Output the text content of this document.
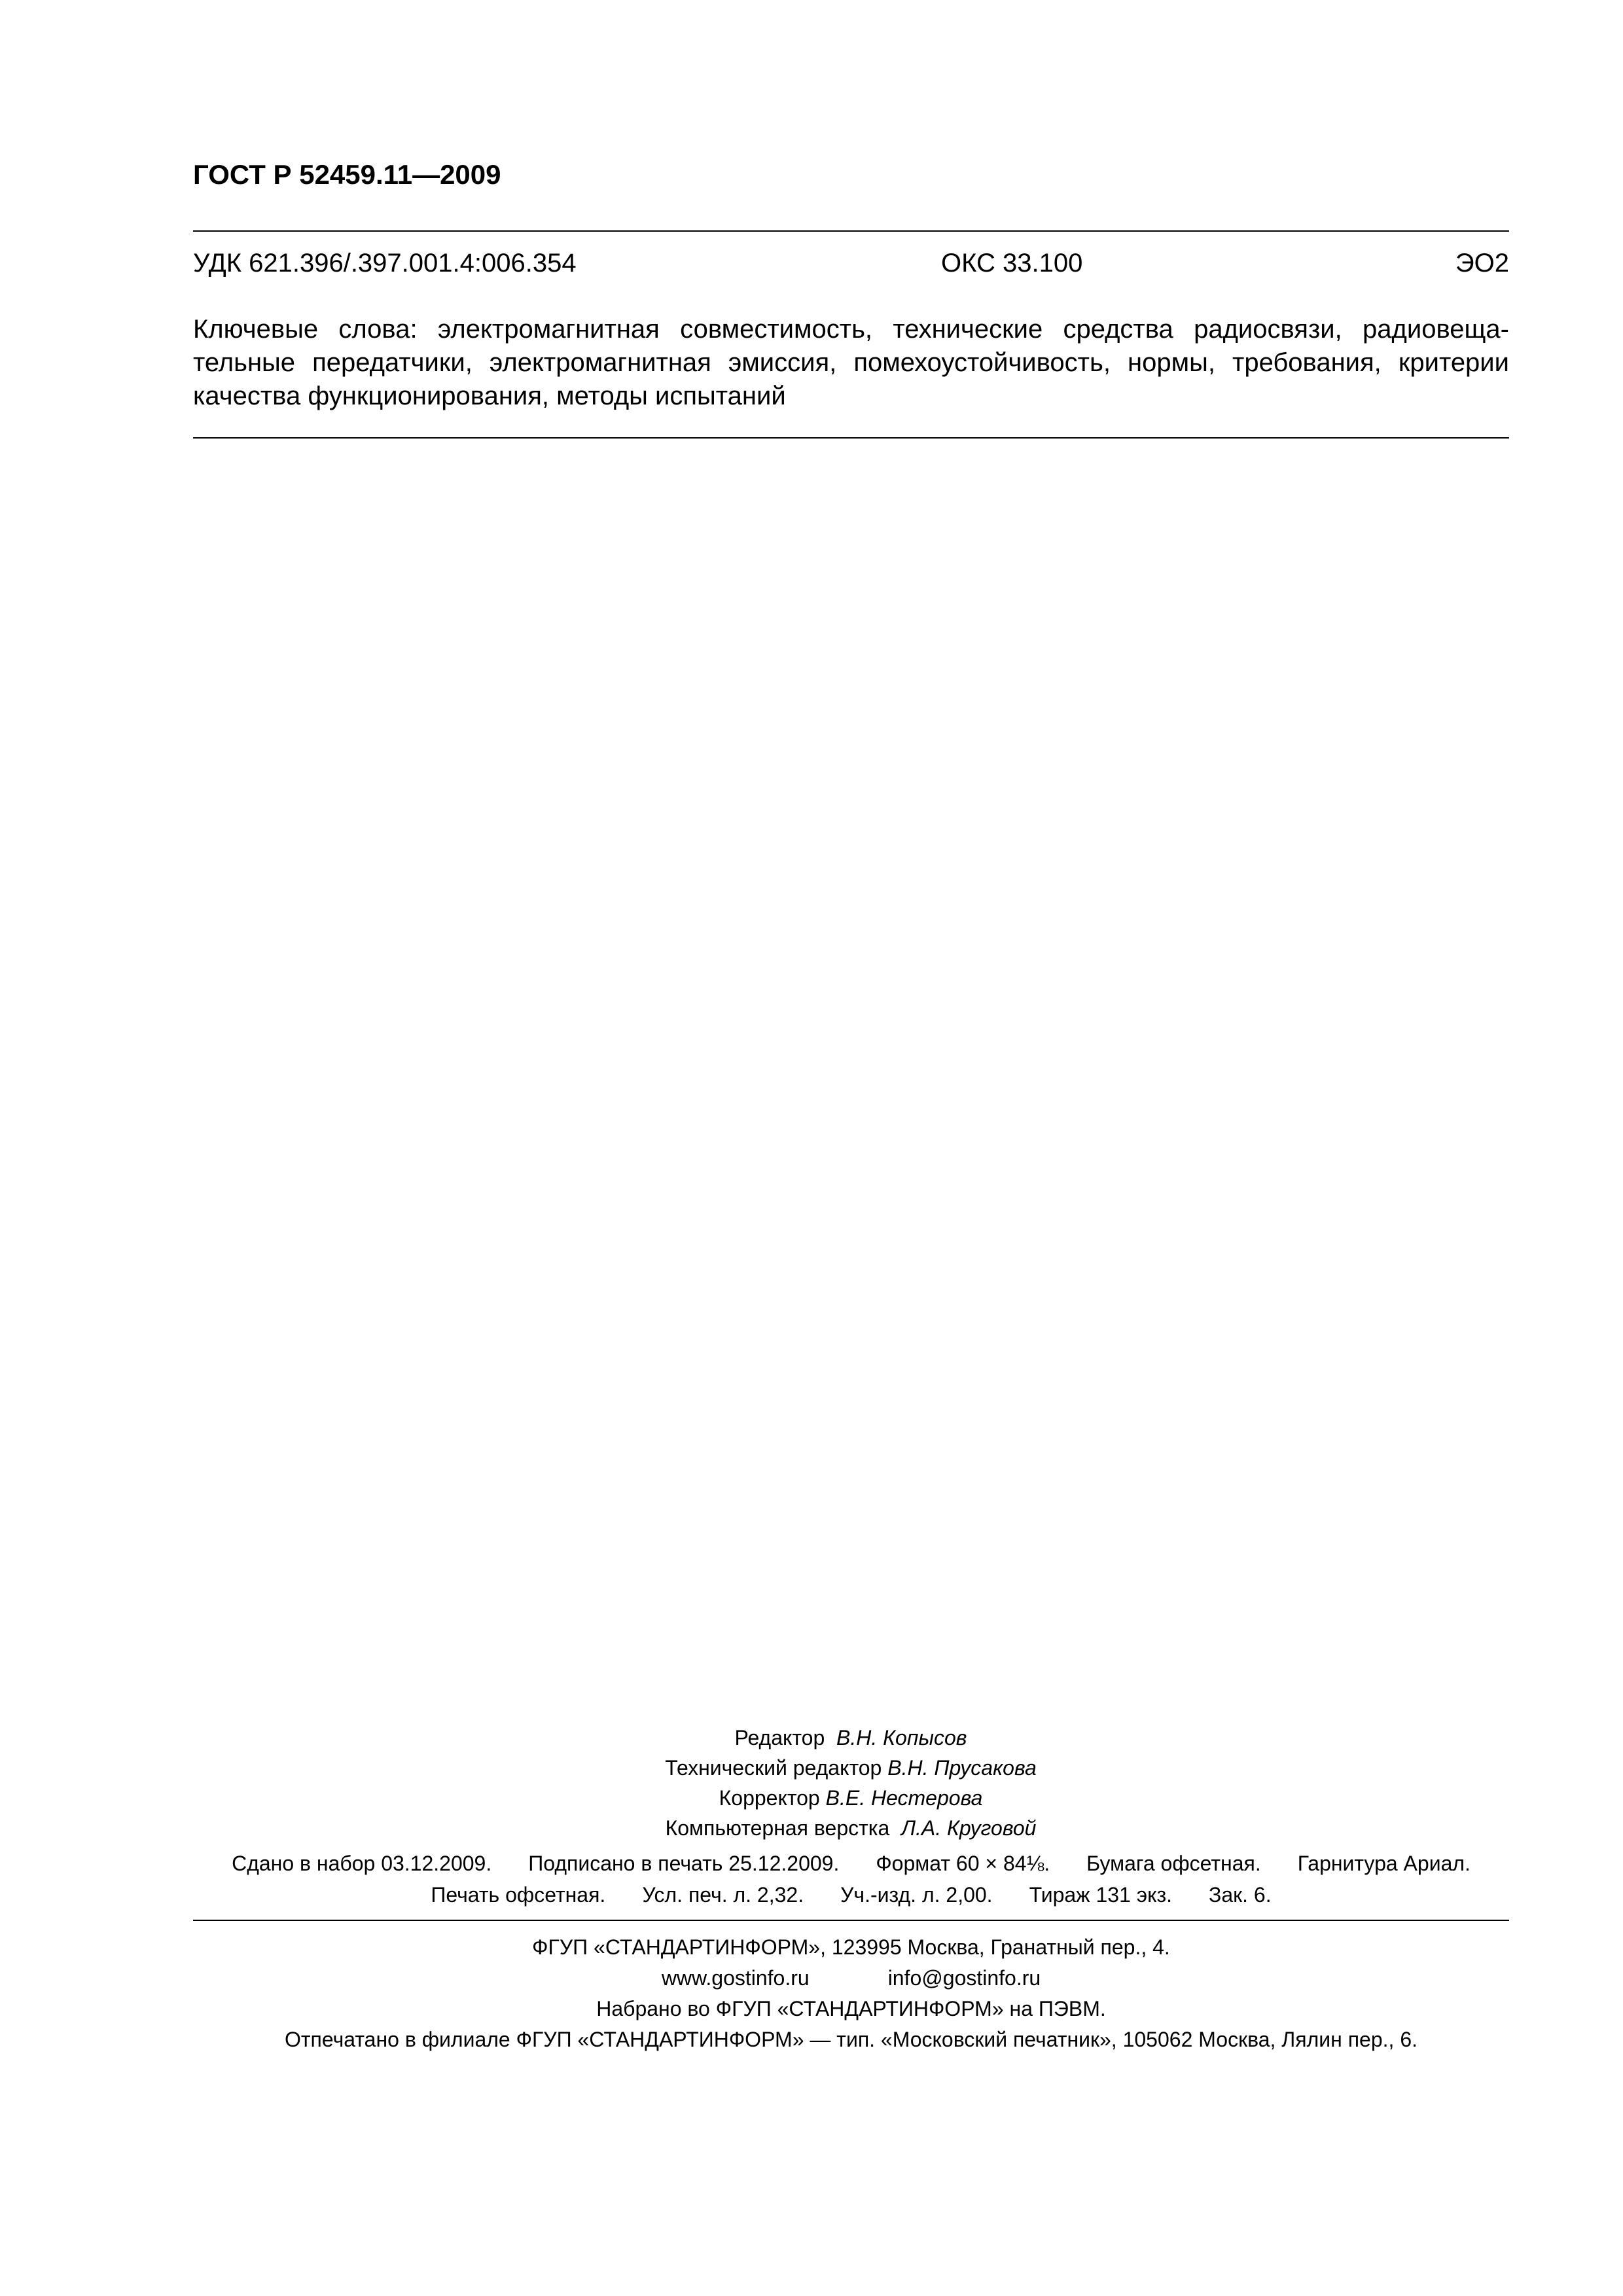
ГОСТ Р 52459.11—2009
УДК 621.396/.397.001.4:006.354	ОКС 33.100	ЭО2
Ключевые слова: электромагнитная совместимость, технические средства радиосвязи, радиовеща-тельные передатчики, электромагнитная эмиссия, помехоустойчивость, нормы, требования, критерии качества функционирования, методы испытаний
Редактор В.Н. Копысов
Технический редактор В.Н. Прусакова
Корректор В.Е. Нестерова
Компьютерная верстка Л.А. Круговой
Сдано в набор 03.12.2009. Подписано в печать 25.12.2009. Формат 60 × 84⅛. Бумага офсетная. Гарнитура Ариал.
Печать офсетная. Усл. печ. л. 2,32. Уч.-изд. л. 2,00. Тираж 131 экз. Зак. 6.
ФГУП «СТАНДАРТИНФОРМ», 123995 Москва, Гранатный пер., 4.
www.gostinfo.ru	info@gostinfo.ru
Набрано во ФГУП «СТАНДАРТИНФОРМ» на ПЭВМ.
Отпечатано в филиале ФГУП «СТАНДАРТИНФОРМ» — тип. «Московский печатник», 105062 Москва, Лялин пер., 6.
